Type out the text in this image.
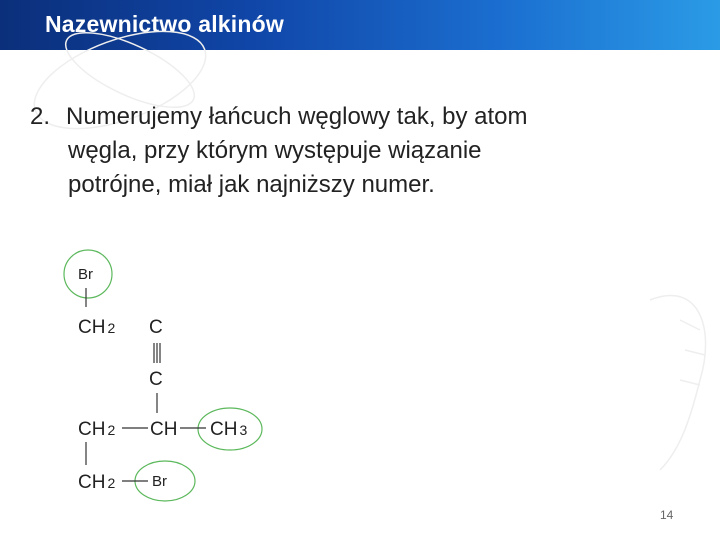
Nazewnictwo alkinów
2. Numerujemy łańcuch węglowy tak, by atom
węgla, przy którym występuje wiązanie
potrójne, miał jak najniższy numer.
Br
CH 2 C
C
CH 2 CH CH 3
CH 2 Br
14
